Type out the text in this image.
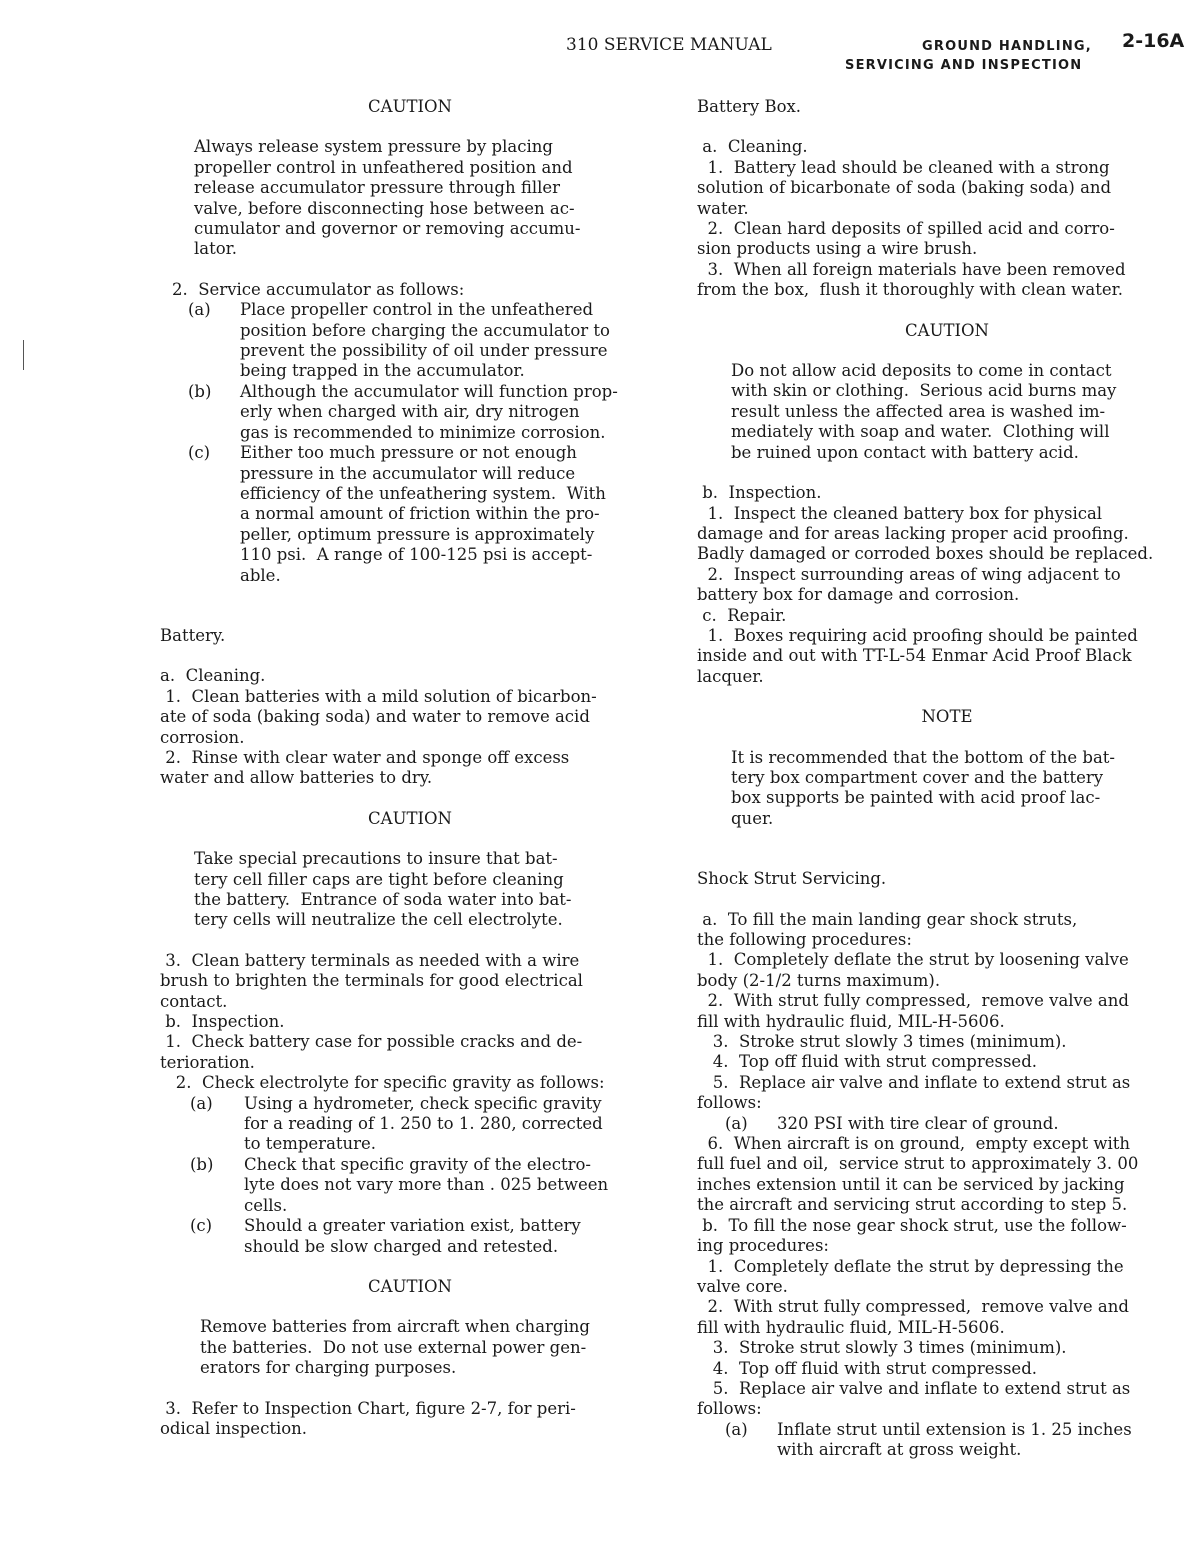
310 SERVICE MANUAL	GROUND HANDLING, 2-16A
SERVICING AND INSPECTION

CAUTION

Always release system pressure by placing
propeller control in unfeathered position and
release accumulator pressure through filler
valve, before disconnecting hose between ac-
cumulator and governor or removing accumu-
lator.

2.  Service accumulator as follows:

(a)	Place propeller control in the unfeathered
position before charging the accumulator to
prevent the possibility of oil under pressure
being trapped in the accumulator.
(b)	Although the accumulator will function prop-
erly when charged with air, dry nitrogen
gas is recommended to minimize corrosion.
(c)	Either too much pressure or not enough
pressure in the accumulator will reduce
efficiency of the unfeathering system.  With
a normal amount of friction within the pro-
peller, optimum pressure is approximately
110 psi.  A range of 100-125 psi is accept-
able.

Battery.

a.  Cleaning.
1.  Clean batteries with a mild solution of bicarbon-
ate of soda (baking soda) and water to remove acid
corrosion.
2.  Rinse with clear water and sponge off excess
water and allow batteries to dry.

CAUTION

Take special precautions to insure that bat-
tery cell filler caps are tight before cleaning
the battery.  Entrance of soda water into bat-
tery cells will neutralize the cell electrolyte.

3.  Clean battery terminals as needed with a wire
brush to brighten the terminals for good electrical
contact.
b.  Inspection.
1.  Check battery case for possible cracks and de-
terioration.
2.  Check electrolyte for specific gravity as follows:

(a)	Using a hydrometer, check specific gravity
for a reading of 1. 250 to 1. 280, corrected
to temperature.
(b)	Check that specific gravity of the electro-
lyte does not vary more than . 025 between
cells.
(c)	Should a greater variation exist, battery
should be slow charged and retested.

CAUTION

Remove batteries from aircraft when charging
the batteries.  Do not use external power gen-
erators for charging purposes.

3.  Refer to Inspection Chart, figure 2-7, for peri-
odical inspection.

Battery Box.

a.  Cleaning.
1.  Battery lead should be cleaned with a strong
solution of bicarbonate of soda (baking soda) and
water.
2.  Clean hard deposits of spilled acid and corro-
sion products using a wire brush.
3.  When all foreign materials have been removed
from the box,  flush it thoroughly with clean water.

CAUTION

Do not allow acid deposits to come in contact
with skin or clothing.  Serious acid burns may
result unless the affected area is washed im-
mediately with soap and water.  Clothing will
be ruined upon contact with battery acid.

b.  Inspection.
1.  Inspect the cleaned battery box for physical
damage and for areas lacking proper acid proofing.
Badly damaged or corroded boxes should be replaced.
2.  Inspect surrounding areas of wing adjacent to
battery box for damage and corrosion.
c.  Repair.
1.  Boxes requiring acid proofing should be painted
inside and out with TT-L-54 Enmar Acid Proof Black
lacquer.

NOTE

It is recommended that the bottom of the bat-
tery box compartment cover and the battery
box supports be painted with acid proof lac-
quer.

Shock Strut Servicing.

a.  To fill the main landing gear shock struts,
the following procedures:
1.  Completely deflate the strut by loosening valve
body (2-1/2 turns maximum).
2.  With strut fully compressed,  remove valve and
fill with hydraulic fluid, MIL-H-5606.
3.  Stroke strut slowly 3 times (minimum).
4.  Top off fluid with strut compressed.
5.  Replace air valve and inflate to extend strut as
follows:

(a)	320 PSI with tire clear of ground.

6.  When aircraft is on ground,  empty except with
full fuel and oil,  service strut to approximately 3. 00
inches extension until it can be serviced by jacking
the aircraft and servicing strut according to step 5.
b.  To fill the nose gear shock strut, use the follow-
ing procedures:
1.  Completely deflate the strut by depressing the
valve core.
2.  With strut fully compressed,  remove valve and
fill with hydraulic fluid, MIL-H-5606.
3.  Stroke strut slowly 3 times (minimum).
4.  Top off fluid with strut compressed.
5.  Replace air valve and inflate to extend strut as
follows:

(a)	Inflate strut until extension is 1. 25 inches
with aircraft at gross weight.
